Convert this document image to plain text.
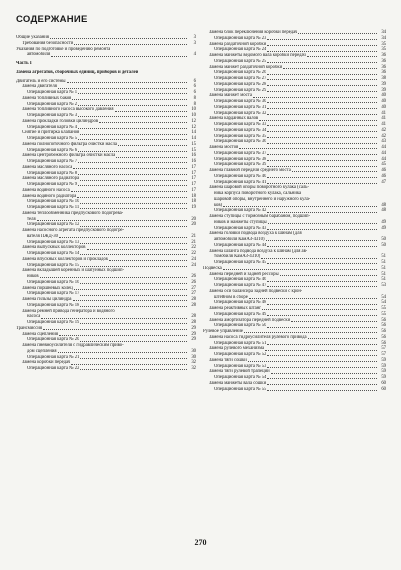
СОДЕРЖАНИЕ
Общие указания	3
Требования безопасности	3
Указания по подготовке и проведению ремонта
автомобиля	4
Часть I
Замена агрегатов, сборочных единиц, приборов и деталей
Двигатель и его системы	6
Замена двигателя	6
Операционная карта № 1	6
Замена топливных баков	8
Операционная карта № 2	8
Замена топливного насоса высокого давления	10
Операционная карта № 3	10
Замена прокладки головки цилиндров	12
Операционная карта № 4	12
Снятие и притирка клапанов	14
Операционная карта № 5	14
Замена полнопоточного фильтра очистки масла	15
Операционная карта № 6	15
Замена центробежного фильтра очистки масла	16
Операционная карта № 7	16
Замена масляного насоса	17
Операционная карта № 8	17
Замена масляного радиатора	17
Операционная карта № 9	17
Замена водяного насоса	17
Замена водяного радиатора	18
Операционная карта № 10	18
Операционная карта № 11	19
Замена теплообменника предпускового подогрева-
теля	20
Операционная карта № 12	20
Замена насосного агрегата предпускового подогре-
вателя ПЖД-30	21
Операционная карта № 13	21
Замена выпускных коллекторов	22
Операционная карта № 14	22
Замена впускных коллекторов и прокладок	24
Операционная карта № 15	24
Замена вкладышей коренных и шатунных подшип-
ников	26
Операционная карта № 16	26
Замена поршневых колец	27
Операционная карта № 17	27
Замена гильзы цилиндра	28
Операционная карта № 18	28
Замена ремней привода генератора и водяного
насоса	28
Операционная карта № 19	28
Трансмиссия	29
Замена сцепления	29
Операционная карта № 20	29
Замена пневмоусилителя с гидравлическим приво-
дом сцепления	30
Операционная карта № 21	30
Замена коробки передач	32
Операционная карта № 22	32
Замена блок переключения коробки передач	34
Операционная карта № 23	34
Замена раздаточной коробки	35
Операционная карта № 24	35
Замена манжеты ведомого вала коробки передач	36
Операционная карта № 25	36
Замена манжет раздаточной коробки	36
Операционная карта № 26	36
Операционная карта № 27	38
Операционная карта № 28	39
Операционная карта № 29	39
Замена манжет моста	40
Операционная карта № 30	40
Операционная карта № 31	40
Операционная карта № 32	41
Замена карданных валов	41
Операционная карта № 33	41
Операционная карта № 34	42
Операционная карта № 35	42
Операционная карта № 36	43
Замена мостов	44
Операционная карта № 37	44
Операционная карта № 38	44
Операционная карта № 39	45
Замена главной передачи среднего моста	46
Операционная карта № 40	46
Операционная карта № 41	47
Замена шаровой опоры поворотного кулака (саль-
ника корпуса поворотного кулака, сальника
шаровой опоры, внутреннего и наружного кула-
ков)	48
Операционная карта № 42	48
Замена ступицы с тормозным барабаном, подшип-
ников и манжеты ступицы	49
Операционная карта № 43	49
Замена головки подвода воздуха к шинам (для
автомобиля КамАЗ-4310)	50
Операционная карта № 44	50
Замена шланга подвода воздуха к шинам (для ав-
томобиля КамАЗ-4310)	51
Операционная карта № 45	51
Подвеска	51
Замена передней и задней рессоры	51
Операционная карта № 46	51
Операционная карта № 47	53
Замена оси балансира задней подвески с крон-
штейном в сборе	54
Операционная карта № 48	54
Замена реактивных штанг	55
Операционная карта № 49	55
Замена амортизатора передней подвески	56
Операционная карта № 50	56
Рулевое управление	56
Замена насоса гидроусилителя рулевого привода	56
Операционная карта № 51	56
Замена рулевого механизма	57
Операционная карта № 52	57
Замена тяги сошки	59
Операционная карта № 53	59
Замена тяги рулевой трапеции	59
Операционная карта № 54	59
Замена манжеты вала сошки	60
Операционная карта № 55	60
270
